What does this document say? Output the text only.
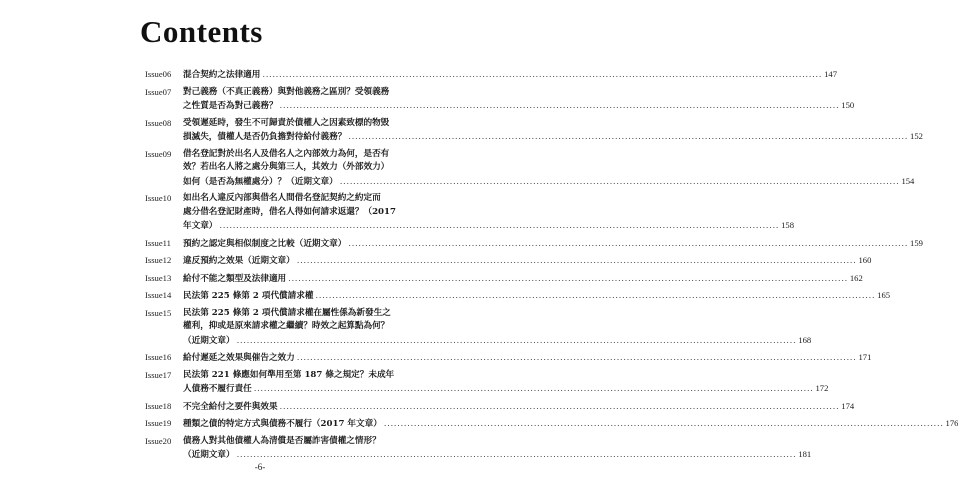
Contents
Issue06	混合契約之法律適用 .....	147
Issue07	對己義務（不真正義務）與對他義務之區別？受領義務
之性質是否為對己義務？ .....	150
Issue08	受領遲延時，發生不可歸責於債權人之因素致標的物毀
損滅失，債權人是否仍負擔對待給付義務？ .....	152
Issue09	借名登記對於出名人及借名人之內部效力為何，是否有
效？若出名人將之處分與第三人，其效力（外部效力）
如何（是否為無權處分）？（近期文章） .....	154
Issue10	如出名人違反內部與借名人間借名登記契約之約定而
處分借名登記財產時，借名人得如何請求返還？（2017
年文章） .....	158
Issue11	預約之認定與相似制度之比較（近期文章） .....	159
Issue12	違反預約之效果（近期文章） .....	160
Issue13	給付不能之類型及法律適用 .....	162
Issue14	民法第 225 條第 2 項代償請求權 .....	165
Issue15	民法第 225 條第 2 項代償請求權在屬性係為新發生之
權利，抑或是原來請求權之繼續？時效之起算點為何？
（近期文章） .....	168
Issue16	給付遲延之效果與催告之效力 .....	171
Issue17	民法第 221 條應如何準用至第 187 條之規定？未成年
人債務不履行責任 .....	172
Issue18	不完全給付之要件與效果 .....	174
Issue19	種類之債的特定方式與債務不履行（2017 年文章） .....	176
Issue20	債務人對其他債權人為清償是否屬詐害債權之情形？
（近期文章） .....	181
-6-
